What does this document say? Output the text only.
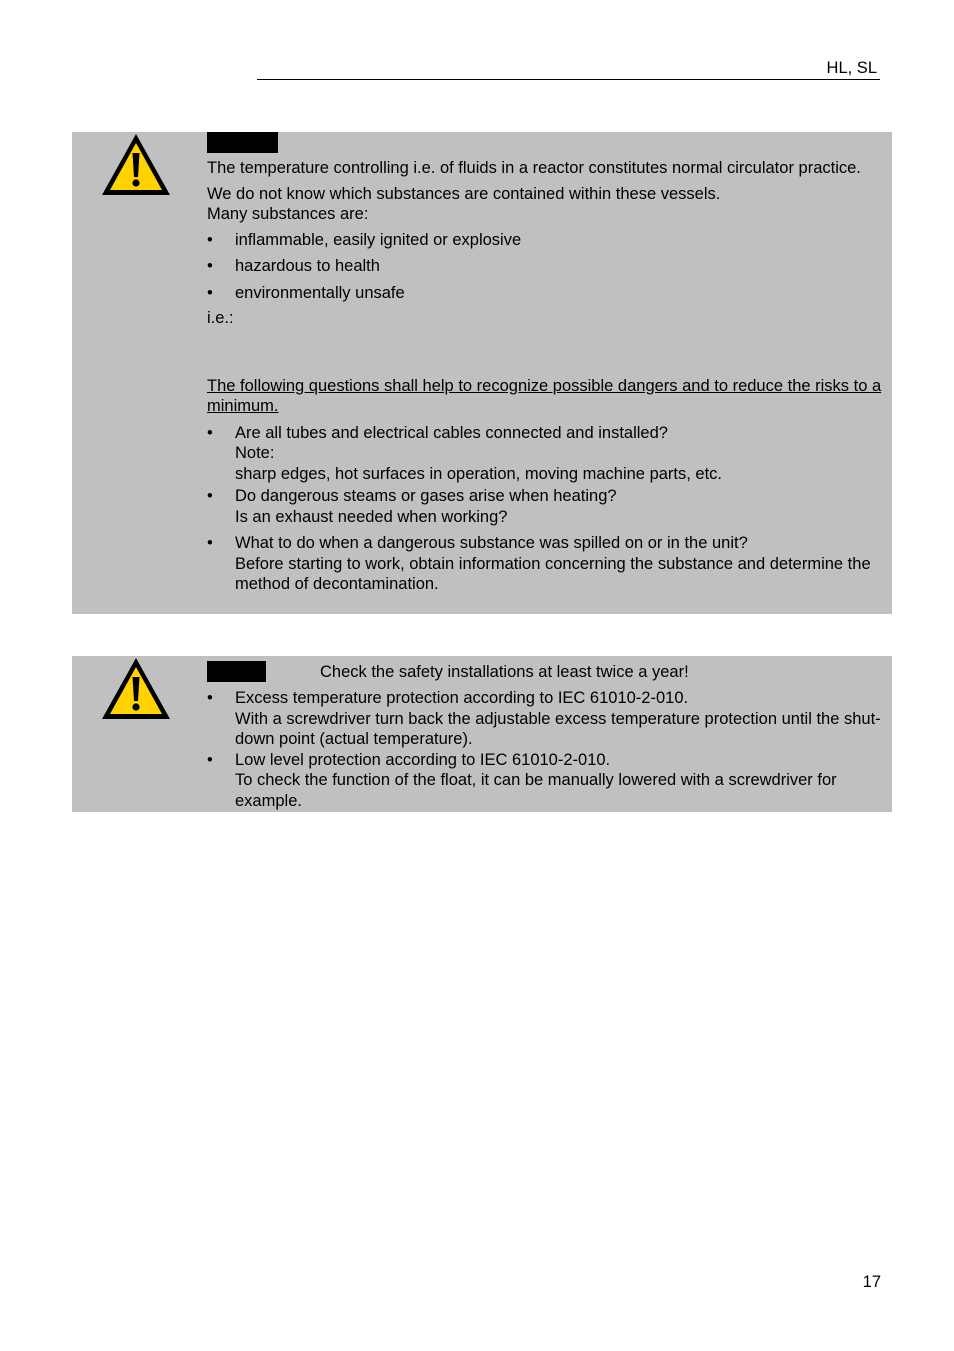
HL, SL

The temperature controlling i.e. of fluids in a reactor constitutes normal circulator practice.

We do not know which substances are contained within these vessels.

Many substances are:

• inflammable, easily ignited or explosive
• hazardous to health
• environmentally unsafe

i.e.:

The following questions shall help to recognize possible dangers and to reduce the risks to a minimum.

• Are all tubes and electrical cables connected and installed?
Note:
sharp edges, hot surfaces in operation, moving machine parts, etc.
• Do dangerous steams or gases arise when heating?
Is an exhaust needed when working?
• What to do when a dangerous substance was spilled on or in the unit?
Before starting to work, obtain information concerning the substance and determine the method of decontamination.

Check the safety installations at least twice a year!

• Excess temperature protection according to IEC 61010-2-010.
With a screwdriver turn back the adjustable excess temperature protection until the shut-down point (actual temperature).
• Low level protection according to IEC 61010-2-010.
To check the function of the float, it can be manually lowered with a screwdriver for example.
17
